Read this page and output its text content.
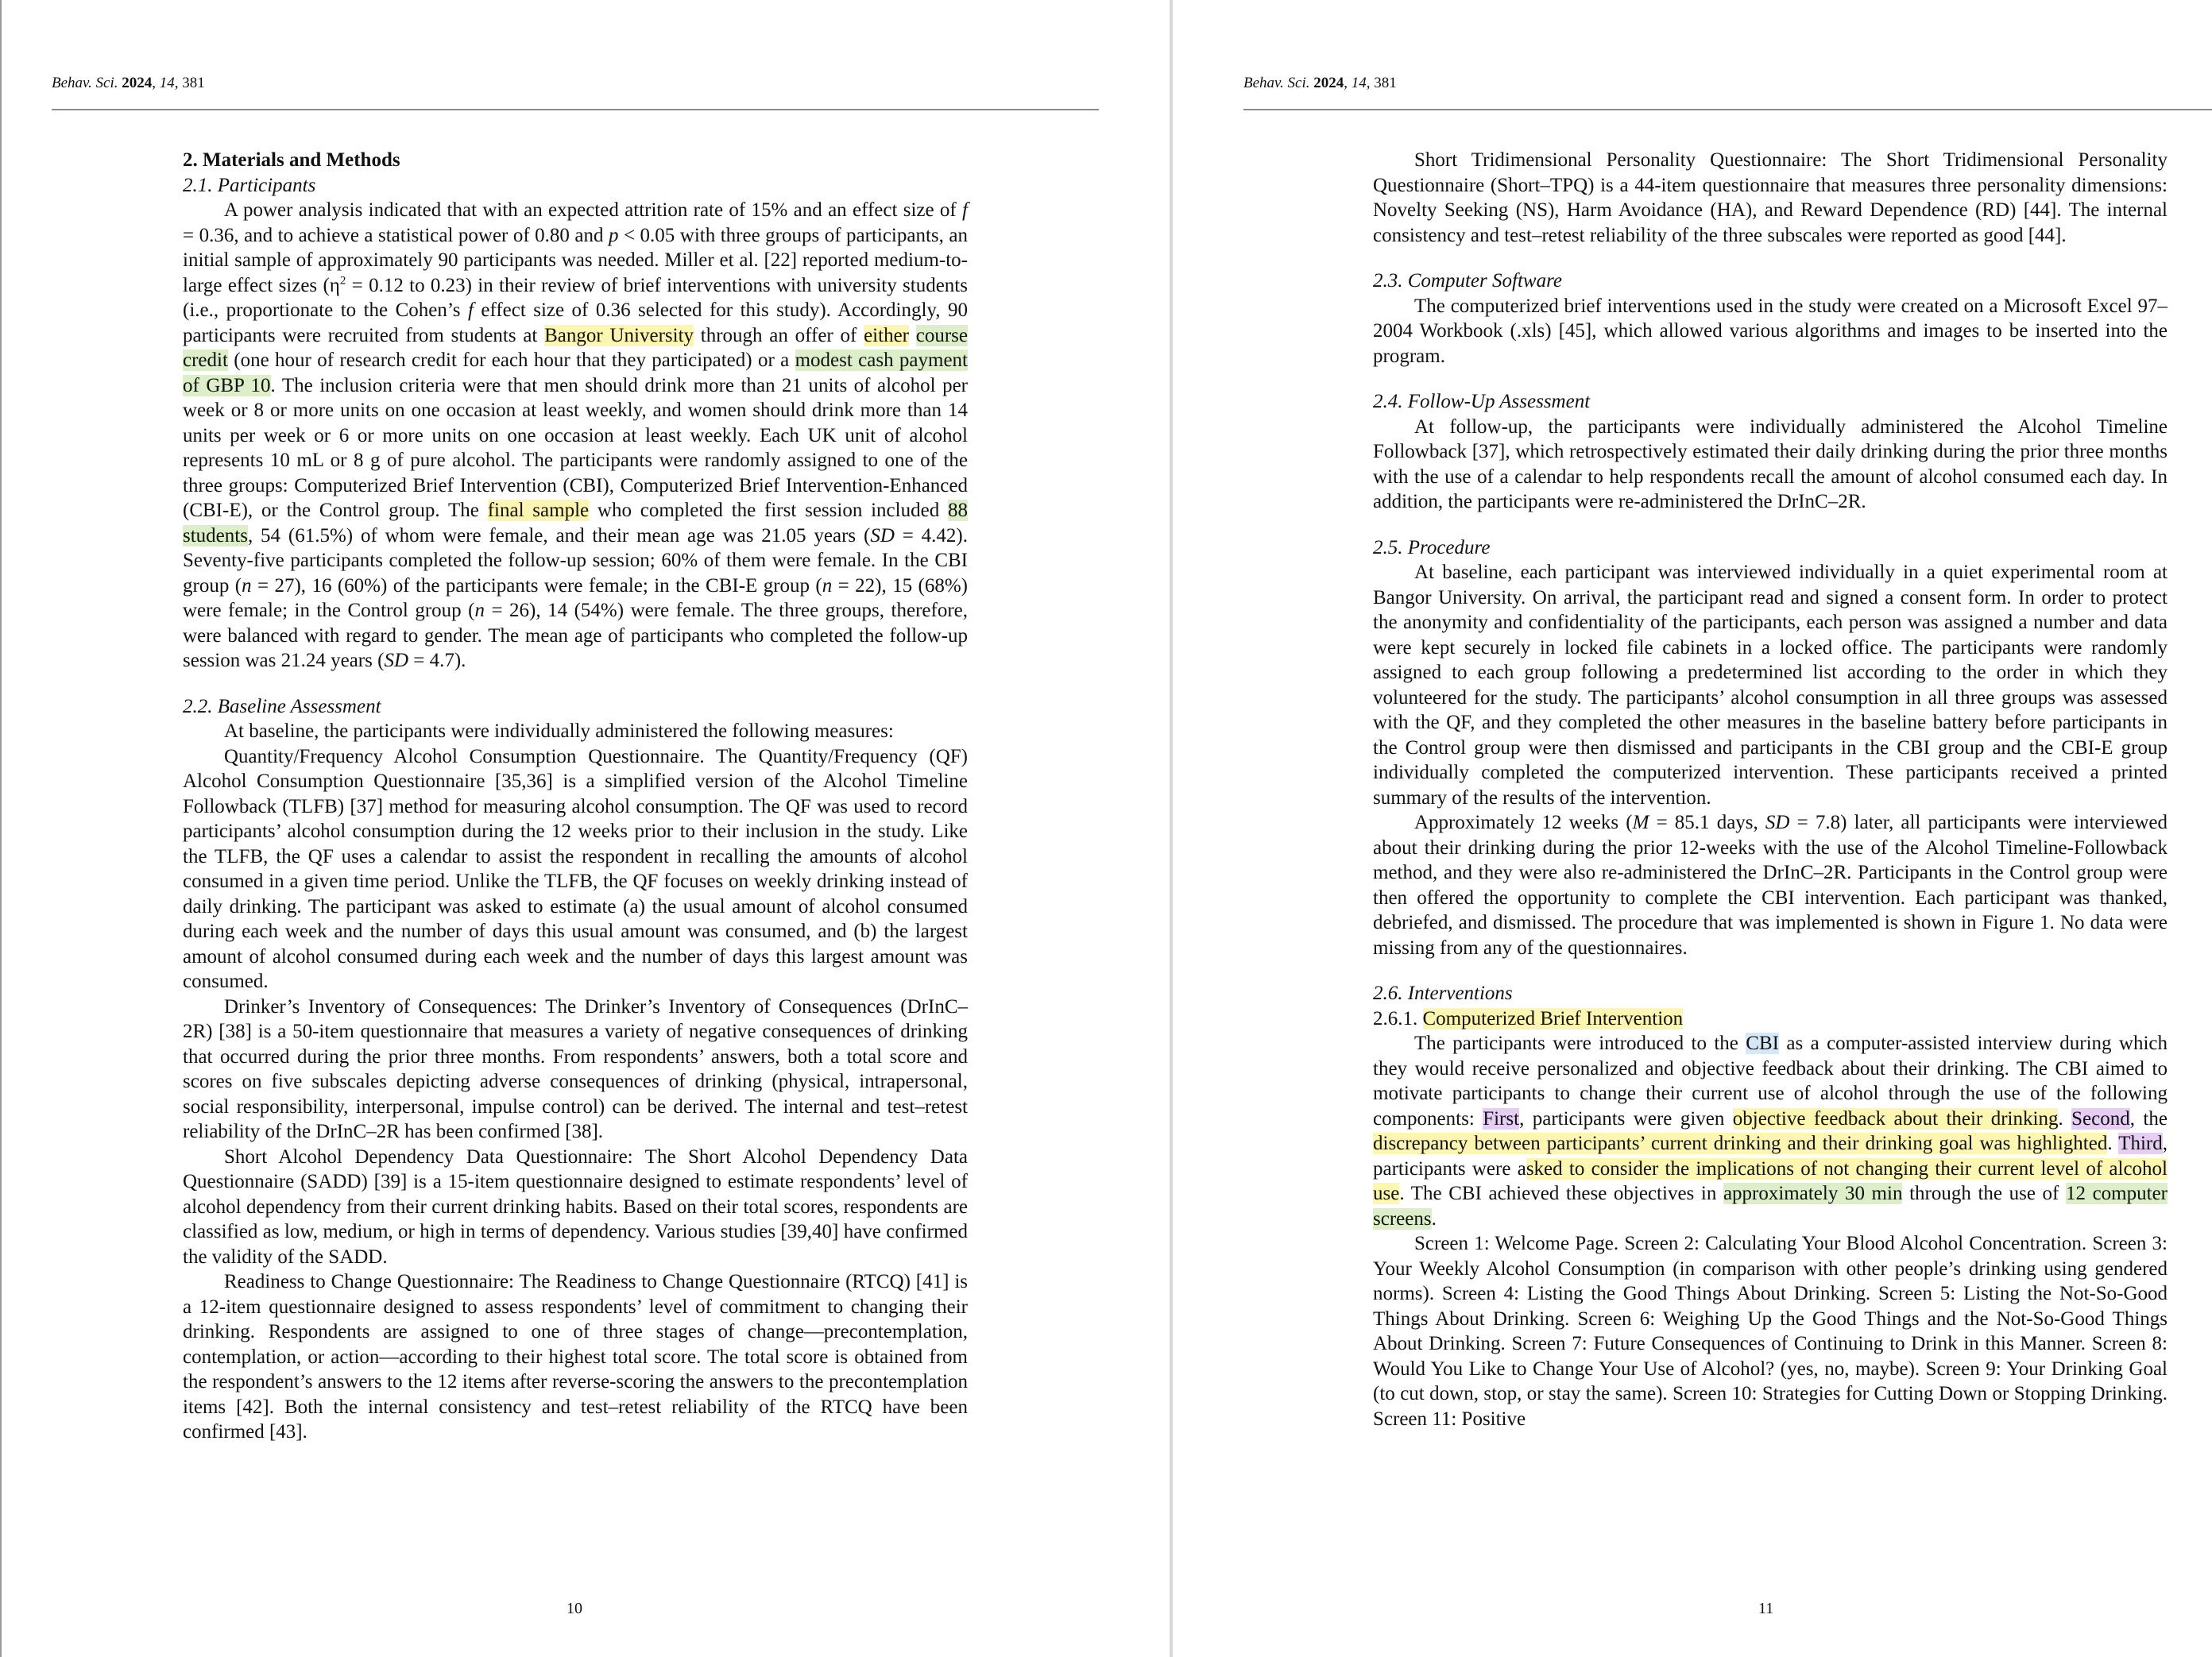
Behav. Sci. 2024, 14, 381

2. Materials and Methods

2.1. Participants

A power analysis indicated that with an expected attrition rate of 15% and an effect size of f = 0.36, and to achieve a statistical power of 0.80 and p < 0.05 with three groups of participants, an initial sample of approximately 90 participants was needed. Miller et al. [22] reported medium-to-large effect sizes ($\eta^2 = 0.12$ to 0.23) in their review of brief interventions with university students (i.e., proportionate to the Cohen’s f effect size of 0.36 selected for this study). Accordingly, 90 participants were recruited from students at Bangor University through an offer of either course credit (one hour of research credit for each hour that they participated) or a modest cash payment of GBP 10. The inclusion criteria were that men should drink more than 21 units of alcohol per week or 8 or more units on one occasion at least weekly, and women should drink more than 14 units per week or 6 or more units on one occasion at least weekly. Each UK unit of alcohol represents 10 mL or 8 g of pure alcohol. The participants were randomly assigned to one of the three groups: Computerized Brief Intervention (CBI), Computerized Brief Intervention-Enhanced (CBI-E), or the Control group. The final sample who completed the first session included 88 students, 54 (61.5%) of whom were female, and their mean age was 21.05 years (SD = 4.42). Seventy-five participants completed the follow-up session; 60% of them were female. In the CBI group (n = 27), 16 (60%) of the participants were female; in the CBI-E group (n = 22), 15 (68%) were female; in the Control group (n = 26), 14 (54%) were female. The three groups, therefore, were balanced with regard to gender. The mean age of participants who completed the follow-up session was 21.24 years (SD = 4.7).

2.2. Baseline Assessment

At baseline, the participants were individually administered the following measures:

Quantity/Frequency Alcohol Consumption Questionnaire. The Quantity/Frequency (QF) Alcohol Consumption Questionnaire [35,36] is a simplified version of the Alcohol Timeline Followback (TLFB) [37] method for measuring alcohol consumption. The QF was used to record participants’ alcohol consumption during the 12 weeks prior to their inclusion in the study. Like the TLFB, the QF uses a calendar to assist the respondent in recalling the amounts of alcohol consumed in a given time period. Unlike the TLFB, the QF focuses on weekly drinking instead of daily drinking. The participant was asked to estimate (a) the usual amount of alcohol consumed during each week and the number of days this usual amount was consumed, and (b) the largest amount of alcohol consumed during each week and the number of days this largest amount was consumed.

Drinker’s Inventory of Consequences: The Drinker’s Inventory of Consequences (DrInC–2R) [38] is a 50-item questionnaire that measures a variety of negative consequences of drinking that occurred during the prior three months. From respondents’ answers, both a total score and scores on five subscales depicting adverse consequences of drinking (physical, intrapersonal, social responsibility, interpersonal, impulse control) can be derived. The internal and test–retest reliability of the DrInC–2R has been confirmed [38].

Short Alcohol Dependency Data Questionnaire: The Short Alcohol Dependency Data Questionnaire (SADD) [39] is a 15-item questionnaire designed to estimate respondents’ level of alcohol dependency from their current drinking habits. Based on their total scores, respondents are classified as low, medium, or high in terms of dependency. Various studies [39,40] have confirmed the validity of the SADD.

Readiness to Change Questionnaire: The Readiness to Change Questionnaire (RTCQ) [41] is a 12-item questionnaire designed to assess respondents’ level of commitment to changing their drinking. Respondents are assigned to one of three stages of change—precontemplation, contemplation, or action—according to their highest total score. The total score is obtained from the respondent’s answers to the 12 items after reverse-scoring the answers to the precontemplation items [42]. Both the internal consistency and test–retest reliability of the RTCQ have been confirmed [43].

10
Behav. Sci. 2024, 14, 381

Short Tridimensional Personality Questionnaire: The Short Tridimensional Personality Questionnaire (Short–TPQ) is a 44-item questionnaire that measures three personality dimensions: Novelty Seeking (NS), Harm Avoidance (HA), and Reward Dependence (RD) [44]. The internal consistency and test–retest reliability of the three subscales were reported as good [44].

2.3. Computer Software

The computerized brief interventions used in the study were created on a Microsoft Excel 97–2004 Workbook (.xls) [45], which allowed various algorithms and images to be inserted into the program.

2.4. Follow-Up Assessment

At follow-up, the participants were individually administered the Alcohol Timeline Followback [37], which retrospectively estimated their daily drinking during the prior three months with the use of a calendar to help respondents recall the amount of alcohol consumed each day. In addition, the participants were re-administered the DrInC–2R.

2.5. Procedure

At baseline, each participant was interviewed individually in a quiet experimental room at Bangor University. On arrival, the participant read and signed a consent form. In order to protect the anonymity and confidentiality of the participants, each person was assigned a number and data were kept securely in locked file cabinets in a locked office. The participants were randomly assigned to each group following a predetermined list according to the order in which they volunteered for the study. The participants’ alcohol consumption in all three groups was assessed with the QF, and they completed the other measures in the baseline battery before participants in the Control group were then dismissed and participants in the CBI group and the CBI-E group individually completed the computerized intervention. These participants received a printed summary of the results of the intervention.

Approximately 12 weeks (M = 85.1 days, SD = 7.8) later, all participants were interviewed about their drinking during the prior 12-weeks with the use of the Alcohol Timeline-Followback method, and they were also re-administered the DrInC–2R. Participants in the Control group were then offered the opportunity to complete the CBI intervention. Each participant was thanked, debriefed, and dismissed. The procedure that was implemented is shown in Figure 1. No data were missing from any of the questionnaires.

2.6. Interventions

2.6.1. Computerized Brief Intervention

The participants were introduced to the CBI as a computer-assisted interview during which they would receive personalized and objective feedback about their drinking. The CBI aimed to motivate participants to change their current use of alcohol through the use of the following components: First, participants were given objective feedback about their drinking. Second, the discrepancy between participants’ current drinking and their drinking goal was highlighted. Third, participants were asked to consider the implications of not changing their current level of alcohol use. The CBI achieved these objectives in approximately 30 min through the use of 12 computer screens.

Screen 1: Welcome Page. Screen 2: Calculating Your Blood Alcohol Concentration. Screen 3: Your Weekly Alcohol Consumption (in comparison with other people’s drinking using gendered norms). Screen 4: Listing the Good Things About Drinking. Screen 5: Listing the Not-So-Good Things About Drinking. Screen 6: Weighing Up the Good Things and the Not-So-Good Things About Drinking. Screen 7: Future Consequences of Continuing to Drink in this Manner. Screen 8: Would You Like to Change Your Use of Alcohol? (yes, no, maybe). Screen 9: Your Drinking Goal (to cut down, stop, or stay the same). Screen 10: Strategies for Cutting Down or Stopping Drinking. Screen 11: Positive

11
